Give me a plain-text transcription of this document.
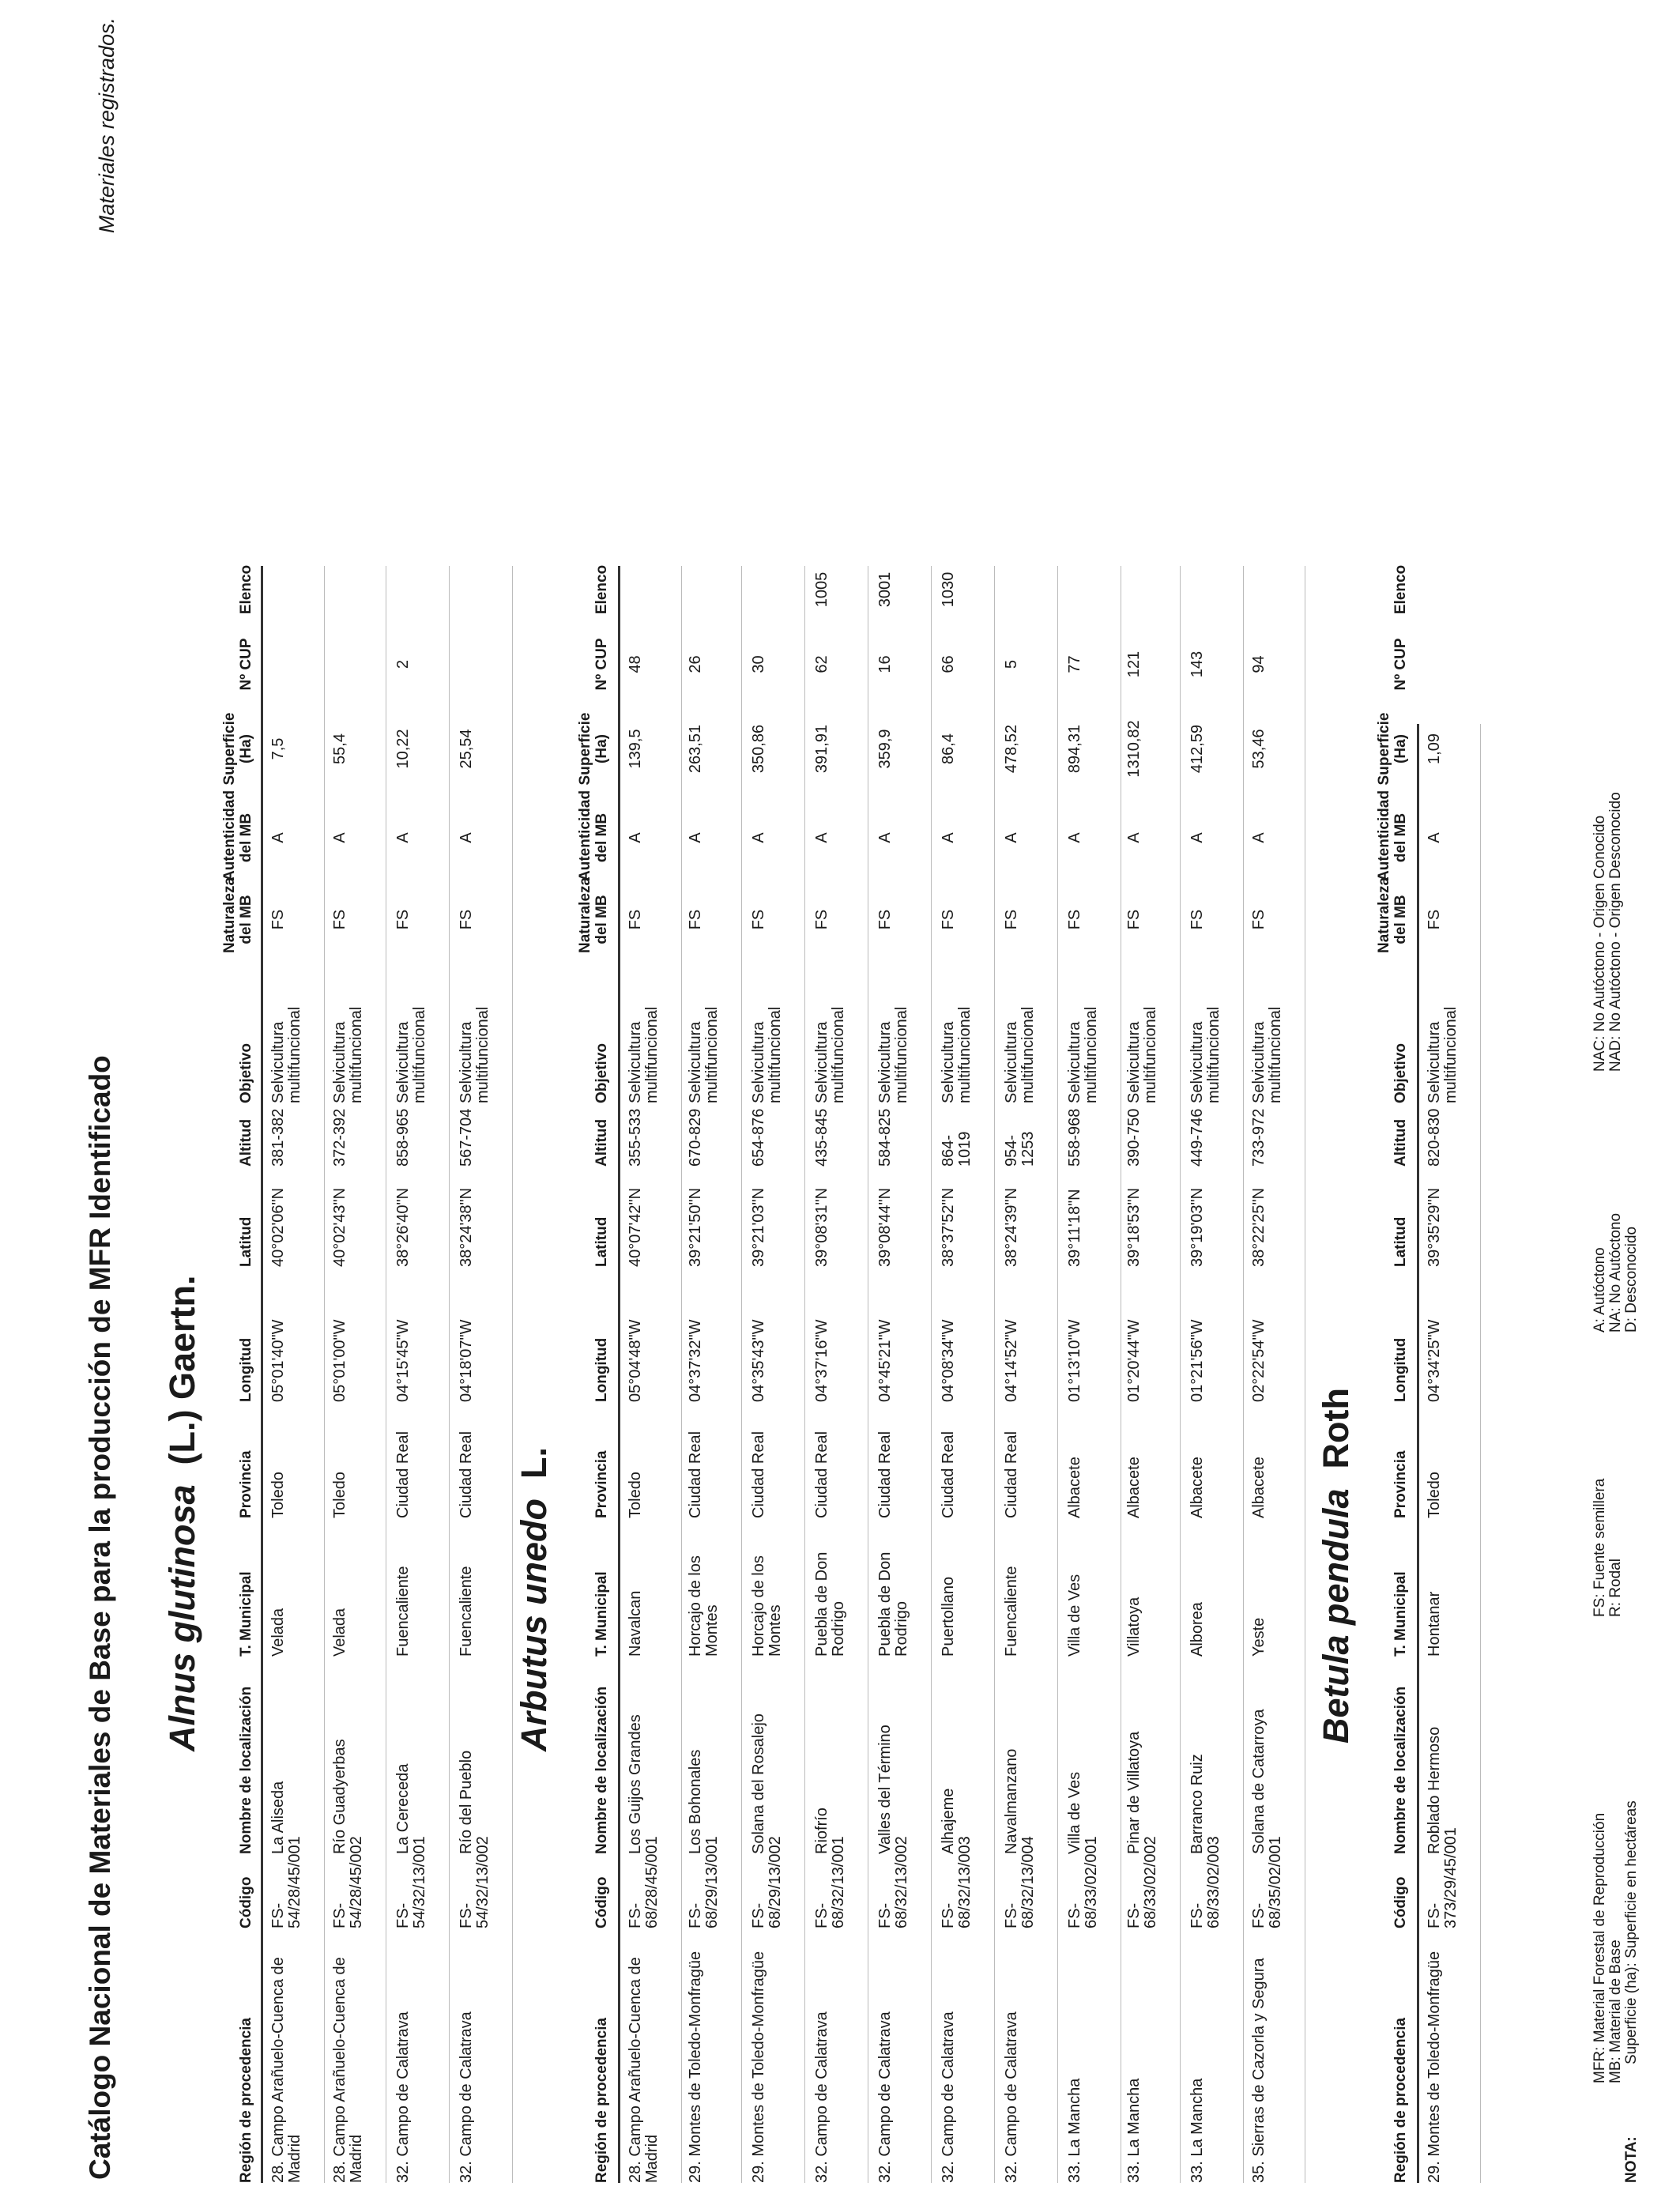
Catálogo Nacional de Materiales de Base para la producción de MFR Identificado
Materiales registrados.
Alnus glutinosa  (L.) Gaertn.
Región de procedencia
Código
Nombre de localización
T. Municipal
Provincia
Longitud
Latitud
Altitud
Objetivo
Naturaleza del MB
Autenticidad del MB
Superficie (Ha)
Nº CUP
Elenco
28. Campo Arañuelo-Cuenca de Madrid
FS-54/28/45/001
La Aliseda
Velada
Toledo
05°01'40"W
40°02'06"N
381-382
Selvicultura multifuncional
FS
A
7,5
28. Campo Arañuelo-Cuenca de Madrid
FS-54/28/45/002
Río Guadyerbas
Velada
Toledo
05°01'00"W
40°02'43"N
372-392
Selvicultura multifuncional
FS
A
55,4
32. Campo de Calatrava
FS-54/32/13/001
La Cereceda
Fuencaliente
Ciudad Real
04°15'45"W
38°26'40"N
858-965
Selvicultura multifuncional
FS
A
10,22
2
32. Campo de Calatrava
FS-54/32/13/002
Río del Pueblo
Fuencaliente
Ciudad Real
04°18'07"W
38°24'38"N
567-704
Selvicultura multifuncional
FS
A
25,54
Arbutus unedo  L.
Región de procedencia
Código
Nombre de localización
T. Municipal
Provincia
Longitud
Latitud
Altitud
Objetivo
Naturaleza del MB
Autenticidad del MB
Superficie (Ha)
Nº CUP
Elenco
28. Campo Arañuelo-Cuenca de Madrid
FS-68/28/45/001
Los Guijos Grandes
Navalcan
Toledo
05°04'48"W
40°07'42"N
355-533
Selvicultura multifuncional
FS
A
139,5
48
29. Montes de Toledo-Monfragüe
FS-68/29/13/001
Los Bohonales
Horcajo de los Montes
Ciudad Real
04°37'32"W
39°21'50"N
670-829
Selvicultura multifuncional
FS
A
263,51
26
29. Montes de Toledo-Monfragüe
FS-68/29/13/002
Solana del Rosalejo
Horcajo de los Montes
Ciudad Real
04°35'43"W
39°21'03"N
654-876
Selvicultura multifuncional
FS
A
350,86
30
32. Campo de Calatrava
FS-68/32/13/001
Riofrío
Puebla de Don Rodrigo
Ciudad Real
04°37'16"W
39°08'31"N
435-845
Selvicultura multifuncional
FS
A
391,91
62
1005
32. Campo de Calatrava
FS-68/32/13/002
Valles del Término
Puebla de Don Rodrigo
Ciudad Real
04°45'21"W
39°08'44"N
584-825
Selvicultura multifuncional
FS
A
359,9
16
3001
32. Campo de Calatrava
FS-68/32/13/003
Alhajeme
Puertollano
Ciudad Real
04°08'34"W
38°37'52"N
864-1019
Selvicultura multifuncional
FS
A
86,4
66
1030
32. Campo de Calatrava
FS-68/32/13/004
Navalmanzano
Fuencaliente
Ciudad Real
04°14'52"W
38°24'39"N
954-1253
Selvicultura multifuncional
FS
A
478,52
5
33. La Mancha
FS-68/33/02/001
Villa de Ves
Villa de Ves
Albacete
01°13'10"W
39°11'18"N
558-968
Selvicultura multifuncional
FS
A
894,31
77
33. La Mancha
FS-68/33/02/002
Pinar de Villatoya
Villatoya
Albacete
01°20'44"W
39°18'53"N
390-750
Selvicultura multifuncional
FS
A
1310,82
121
33. La Mancha
FS-68/33/02/003
Barranco Ruiz
Alborea
Albacete
01°21'56"W
39°19'03"N
449-746
Selvicultura multifuncional
FS
A
412,59
143
35. Sierras de Cazorla y Segura
FS-68/35/02/001
Solana de Catarroya
Yeste
Albacete
02°22'54"W
38°22'25"N
733-972
Selvicultura multifuncional
FS
A
53,46
94
Betula pendula  Roth
Región de procedencia
Código
Nombre de localización
T. Municipal
Provincia
Longitud
Latitud
Altitud
Objetivo
Naturaleza del MB
Autenticidad del MB
Superficie (Ha)
Nº CUP
Elenco
29. Montes de Toledo-Monfragüe
FS-373/29/45/001
Roblado Hermoso
Hontanar
Toledo
04°34'25"W
39°35'29"N
820-830
Selvicultura multifuncional
FS
A
1,09
NOTA:
MFR: Material Forestal de Reproducción MB: Material de Base Superficie (ha): Superficie en hectáreas
FS: Fuente semillera R: Rodal
A: Autóctono NA: No Autóctono D: Desconocido
NAC: No Autóctono - Origen Conocido NAD: No Autóctono - Origen Desconocido
